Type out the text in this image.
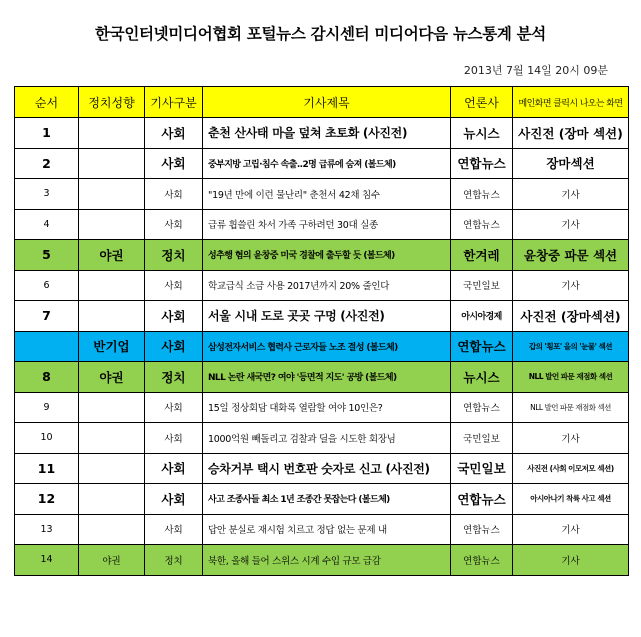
한국인터넷미디어협회 포털뉴스 감시센터 미디어다음 뉴스통계 분석
2013년 7월 14일 20시 09분
순서	정치성향	기사구분	기사제목	언론사	메인화면 클릭시 나오는 화면
1		사회	춘천 산사태 마을 덮쳐 초토화 (사진전)	뉴시스	사진전 (장마 섹션)
2		사회	중부지방 고립·침수 속출..2명 급류에 숨져 (볼드체)	연합뉴스	장마섹션
3		사회	"19년 만에 이런 물난리" 춘천서 42채 침수	연합뉴스	기사
4		사회	급류 휩쓸린 차서 가족 구하려던 30대 실종	연합뉴스	기사
5	야권	정치	성추행 혐의 윤창중 미국 경찰에 출두할 듯 (볼드체)	한겨레	윤창중 파문 섹션
6		사회	학교급식 소금 사용 2017년까지 20% 줄인다	국민일보	기사
7		사회	서울 시내 도로 곳곳 구멍 (사진전)	아시아경제	사진전 (장마섹션)
	반기업	사회	삼성전자서비스 협력사 근로자들 노조 결성 (볼드체)	연합뉴스	갑의 '횡포' 을의 '눈물' 섹션
8	야권	정치	NLL 논란 새국면? 여야 '등면적 지도' 공방 (볼드체)	뉴시스	NLL 발언 파문 재점화 섹션
9		사회	15일 정상회담 대화록 열람할 여야 10인은?	연합뉴스	NLL 발언 파문 재점화 섹션
10		사회	1000억원 빼돌리고 검찰과 딜을 시도한 회장님	국민일보	기사
11		사회	승차거부 택시 번호판 숫자로 신고 (사진전)	국민일보	사진전 (사회 이모저모 섹션)
12		사회	사고 조종사들 최소 1년 조종간 못잡는다 (볼드체)	연합뉴스	아시아나기 착륙 사고 섹션
13		사회	답안 분실로 재시험 치르고 정답 없는 문제 내	연합뉴스	기사
14	야권	정치	북한, 올해 들어 스위스 시계 수입 규모 급감	연합뉴스	기사
